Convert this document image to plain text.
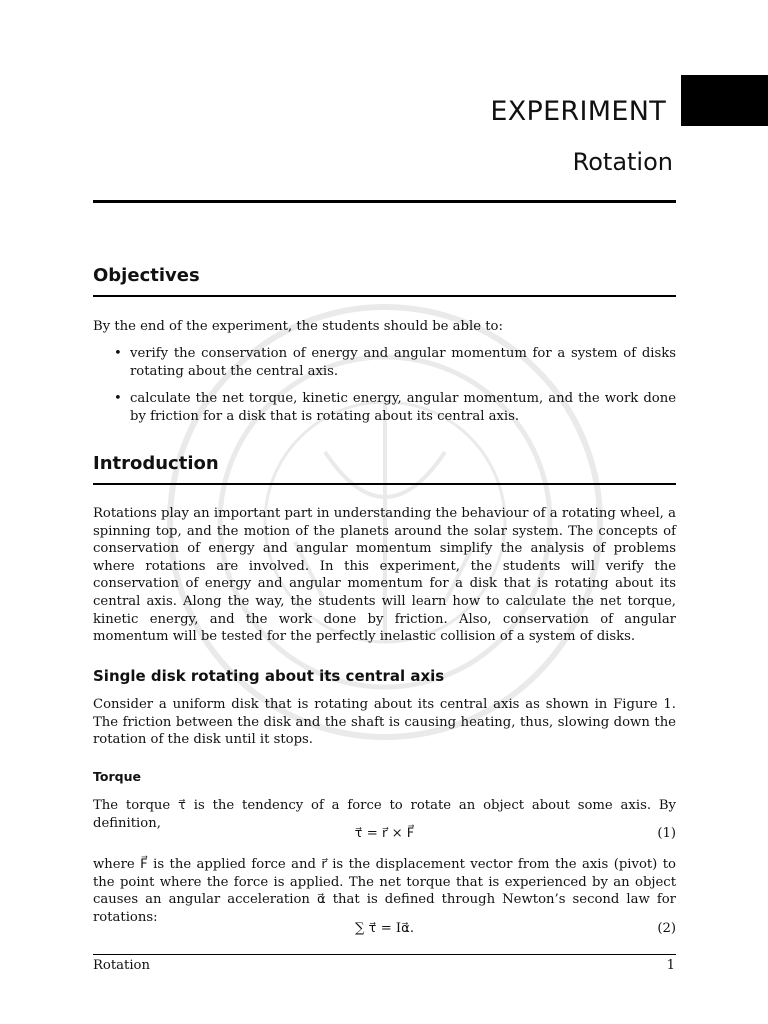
EXPERIMENT
Rotation
Objectives
By the end of the experiment, the students should be able to:
• verify the conservation of energy and angular momentum for a system of disks rotating about the central axis.
• calculate the net torque, kinetic energy, angular momentum, and the work done by friction for a disk that is rotating about its central axis.
Introduction
Rotations play an important part in understanding the behaviour of a rotating wheel, a spinning top, and the motion of the planets around the solar system. The concepts of conservation of energy and angular momentum simplify the analysis of problems where rotations are involved. In this experiment, the students will verify the conservation of energy and angular momentum for a disk that is rotating about its central axis. Along the way, the students will learn how to calculate the net torque, kinetic energy, and the work done by friction. Also, conservation of angular momentum will be tested for the perfectly inelastic collision of a system of disks.
Single disk rotating about its central axis
Consider a uniform disk that is rotating about its central axis as shown in Figure 1. The friction between the disk and the shaft is causing heating, thus, slowing down the rotation of the disk until it stops.
Torque
The torque τ⃗ is the tendency of a force to rotate an object about some axis. By definition,
τ⃗ = r⃗ × F⃗	(1)
where F⃗ is the applied force and r⃗ is the displacement vector from the axis (pivot) to the point where the force is applied. The net torque that is experienced by an object causes an angular acceleration α⃗ that is defined through Newton’s second law for rotations:
∑ τ⃗ = Iα⃗.	(2)
Rotation	1
